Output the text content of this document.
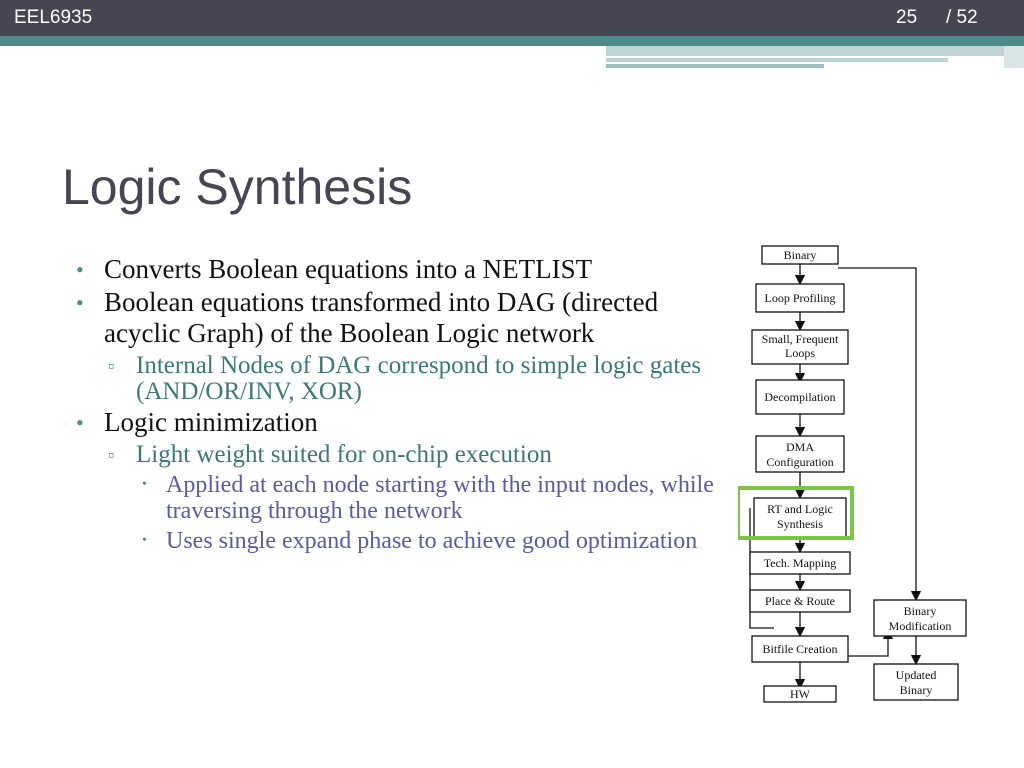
EEL6935	25 / 52
Logic Synthesis
• Converts Boolean equations into a NETLIST
• Boolean equations transformed into DAG (directed acyclic Graph) of the Boolean Logic network
▫ Internal Nodes of DAG correspond to simple logic gates (AND/OR/INV, XOR)
• Logic minimization
▫ Light weight suited for on-chip execution
• Applied at each node starting with the input nodes, while traversing through the network
• Uses single expand phase to achieve good optimization
Binary
Loop Profiling
Small, Frequent
Loops
Decompilation
DMA
Configuration
RT and Logic
Synthesis
Tech. Mapping
Place & Route
Bitfile Creation
HW
Binary
Modification
Updated
Binary
